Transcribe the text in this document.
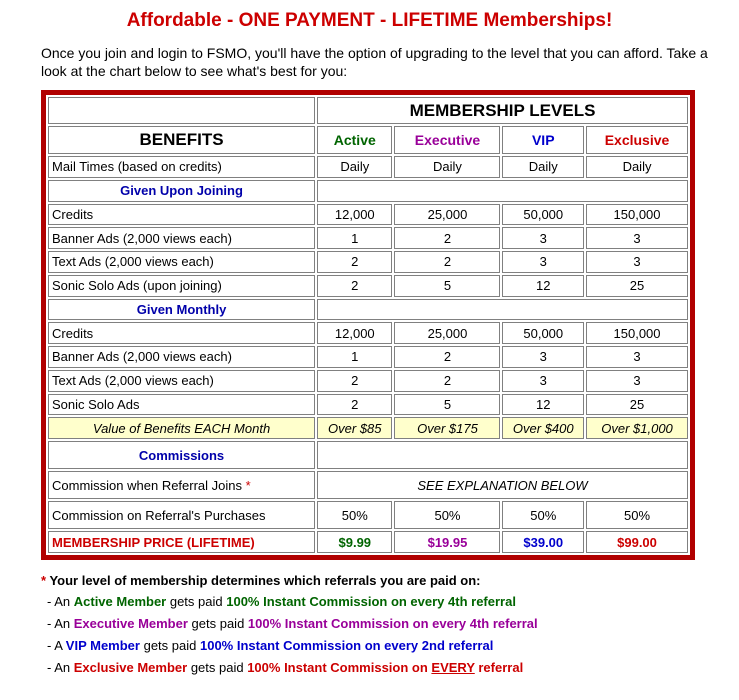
Affordable - ONE PAYMENT - LIFETIME Memberships!
Once you join and login to FSMO, you'll have the option of upgrading to the level that you can afford. Take a look at the chart below to see what's best for you:
	MEMBERSHIP LEVELS			
BENEFITS	Active	Executive	VIP	Exclusive
Mail Times (based on credits)	Daily	Daily	Daily	Daily
Given Upon Joining				
Credits	12,000	25,000	50,000	150,000
Banner Ads (2,000 views each)	1	2	3	3
Text Ads (2,000 views each)	2	2	3	3
Sonic Solo Ads (upon joining)	2	5	12	25
Given Monthly				
Credits	12,000	25,000	50,000	150,000
Banner Ads (2,000 views each)	1	2	3	3
Text Ads (2,000 views each)	2	2	3	3
Sonic Solo Ads	2	5	12	25
Value of Benefits EACH Month	Over $85	Over $175	Over $400	Over $1,000
Commissions				
Commission when Referral Joins *	SEE EXPLANATION BELOW			
Commission on Referral's Purchases	50%	50%	50%	50%
MEMBERSHIP PRICE (LIFETIME)	$9.99	$19.95	$39.00	$99.00
* Your level of membership determines which referrals you are paid on:
- An Active Member gets paid 100% Instant Commission on every 4th referral
- An Executive Member gets paid 100% Instant Commission on every 4th referral
- A VIP Member gets paid 100% Instant Commission on every 2nd referral
- An Exclusive Member gets paid 100% Instant Commission on EVERY referral
